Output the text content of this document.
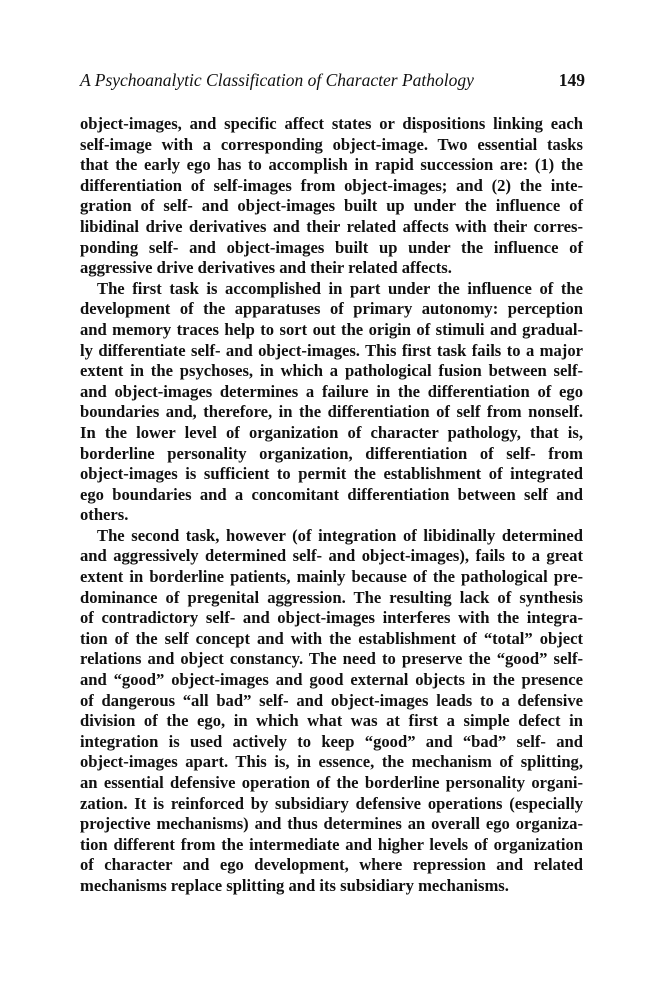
A Psychoanalytic Classification of Character Pathology	149
object-images, and specific affect states or dispositions linking each
self-image with a corresponding object-image. Two essential tasks
that the early ego has to accomplish in rapid succession are: (1) the
differentiation of self-images from object-images; and (2) the inte-
gration of self- and object-images built up under the influence of
libidinal drive derivatives and their related affects with their corres-
ponding self- and object-images built up under the influence of
aggressive drive derivatives and their related affects.
The first task is accomplished in part under the influence of the
development of the apparatuses of primary autonomy: perception
and memory traces help to sort out the origin of stimuli and gradual-
ly differentiate self- and object-images. This first task fails to a major
extent in the psychoses, in which a pathological fusion between self-
and object-images determines a failure in the differentiation of ego
boundaries and, therefore, in the differentiation of self from nonself.
In the lower level of organization of character pathology, that is,
borderline personality organization, differentiation of self- from
object-images is sufficient to permit the establishment of integrated
ego boundaries and a concomitant differentiation between self and
others.
The second task, however (of integration of libidinally determined
and aggressively determined self- and object-images), fails to a great
extent in borderline patients, mainly because of the pathological pre-
dominance of pregenital aggression. The resulting lack of synthesis
of contradictory self- and object-images interferes with the integra-
tion of the self concept and with the establishment of “total” object
relations and object constancy. The need to preserve the “good” self-
and “good” object-images and good external objects in the presence
of dangerous “all bad” self- and object-images leads to a defensive
division of the ego, in which what was at first a simple defect in
integration is used actively to keep “good” and “bad” self- and
object-images apart. This is, in essence, the mechanism of splitting,
an essential defensive operation of the borderline personality organi-
zation. It is reinforced by subsidiary defensive operations (especially
projective mechanisms) and thus determines an overall ego organiza-
tion different from the intermediate and higher levels of organization
of character and ego development, where repression and related
mechanisms replace splitting and its subsidiary mechanisms.
